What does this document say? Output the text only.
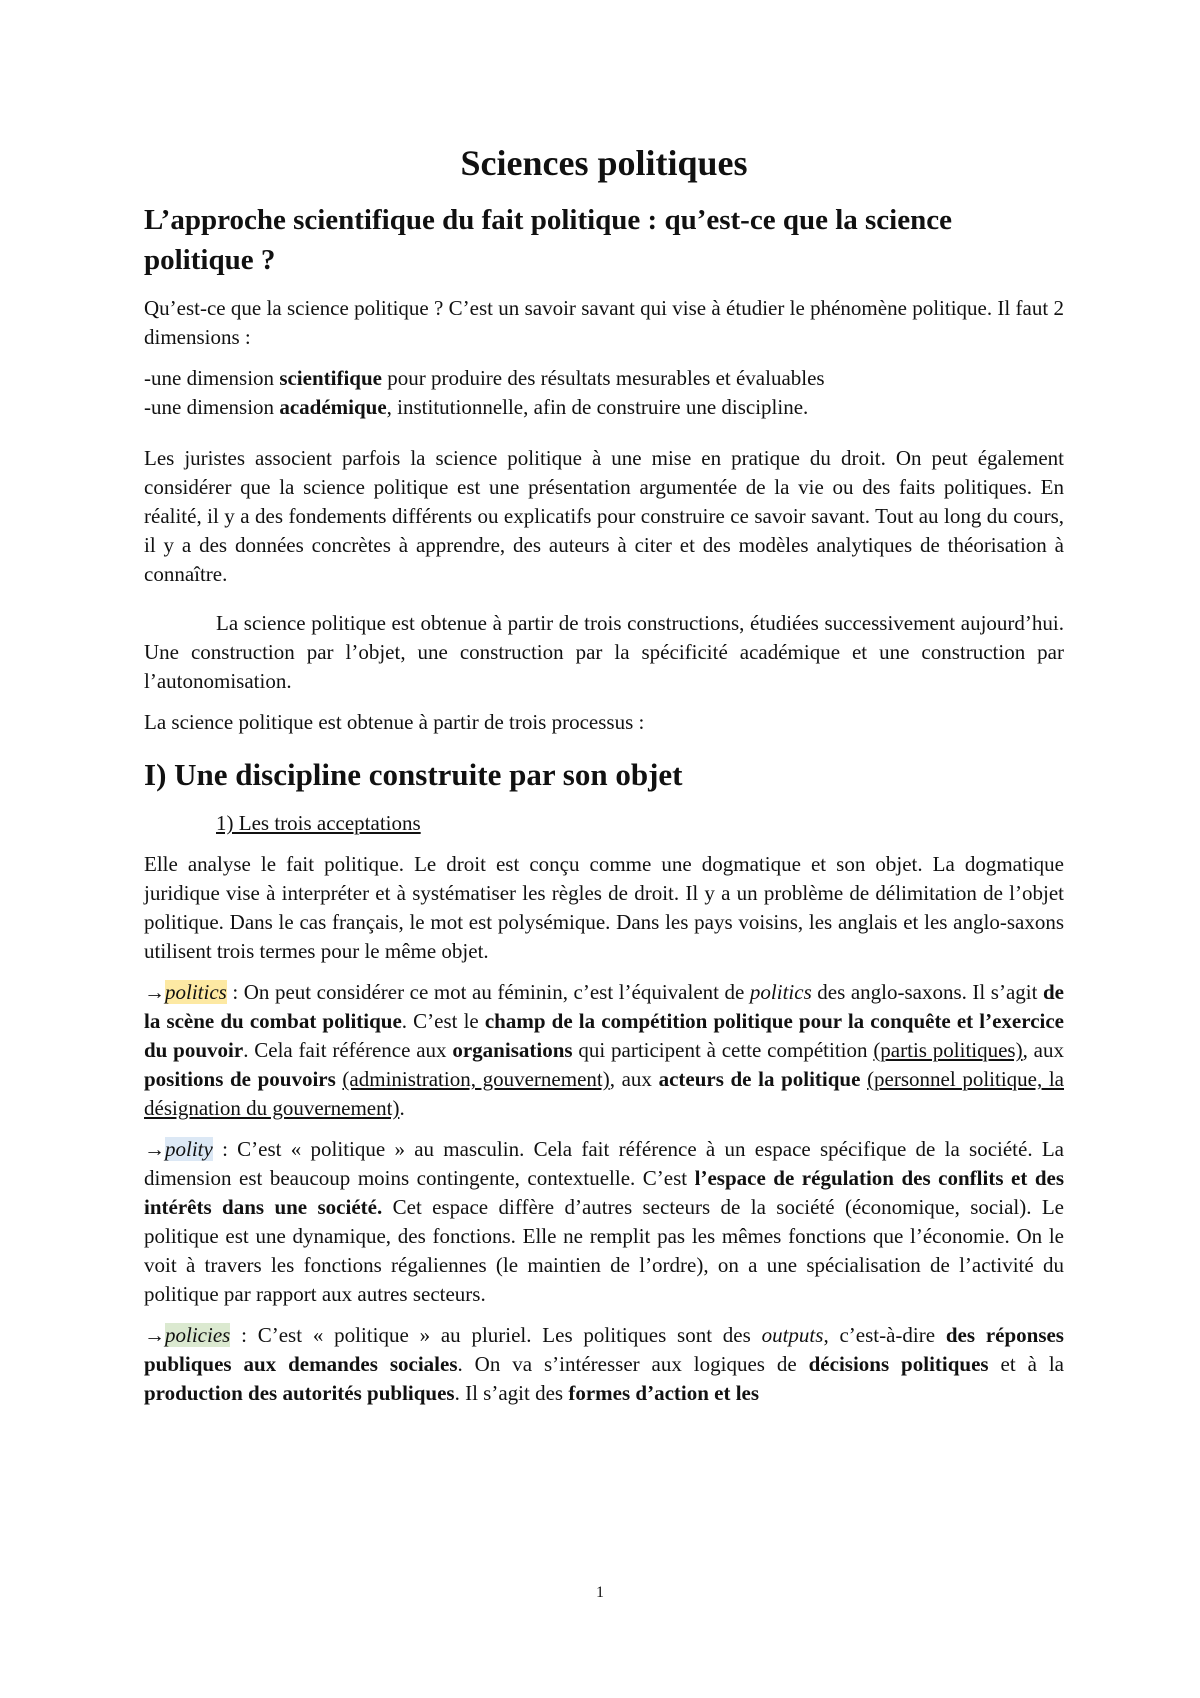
Sciences politiques
L’approche scientifique du fait politique : qu’est-ce que la science politique ?

Qu’est-ce que la science politique ? C’est un savoir savant qui vise à étudier le phénomène politique. Il faut 2 dimensions :

-une dimension scientifique pour produire des résultats mesurables et évaluables

-une dimension académique, institutionnelle, afin de construire une discipline.

Les juristes associent parfois la science politique à une mise en pratique du droit. On peut également considérer que la science politique est une présentation argumentée de la vie ou des faits politiques. En réalité, il y a des fondements différents ou explicatifs pour construire ce savoir savant. Tout au long du cours, il y a des données concrètes à apprendre, des auteurs à citer et des modèles analytiques de théorisation à connaître.

La science politique est obtenue à partir de trois constructions, étudiées successivement aujourd’hui. Une construction par l’objet, une construction par la spécificité académique et une construction par l’autonomisation.

La science politique est obtenue à partir de trois processus :

I) Une discipline construite par son objet

1) Les trois acceptations

Elle analyse le fait politique. Le droit est conçu comme une dogmatique et son objet. La dogmatique juridique vise à interpréter et à systématiser les règles de droit. Il y a un problème de délimitation de l’objet politique. Dans le cas français, le mot est polysémique. Dans les pays voisins, les anglais et les anglo-saxons utilisent trois termes pour le même objet.

→politics : On peut considérer ce mot au féminin, c’est l’équivalent de politics des anglo-saxons. Il s’agit de la scène du combat politique. C’est le champ de la compétition politique pour la conquête et l’exercice du pouvoir. Cela fait référence aux organisations qui participent à cette compétition (partis politiques), aux positions de pouvoirs (administration, gouvernement), aux acteurs de la politique (personnel politique, la désignation du gouvernement).

→polity : C’est « politique » au masculin. Cela fait référence à un espace spécifique de la société. La dimension est beaucoup moins contingente, contextuelle. C’est l’espace de régulation des conflits et des intérêts dans une société. Cet espace diffère d’autres secteurs de la société (économique, social). Le politique est une dynamique, des fonctions. Elle ne remplit pas les mêmes fonctions que l’économie. On le voit à travers les fonctions régaliennes (le maintien de l’ordre), on a une spécialisation de l’activité du politique par rapport aux autres secteurs.

→policies : C’est « politique » au pluriel. Les politiques sont des outputs, c’est-à-dire des réponses publiques aux demandes sociales. On va s’intéresser aux logiques de décisions politiques et à la production des autorités publiques. Il s’agit des formes d’action et les

1
